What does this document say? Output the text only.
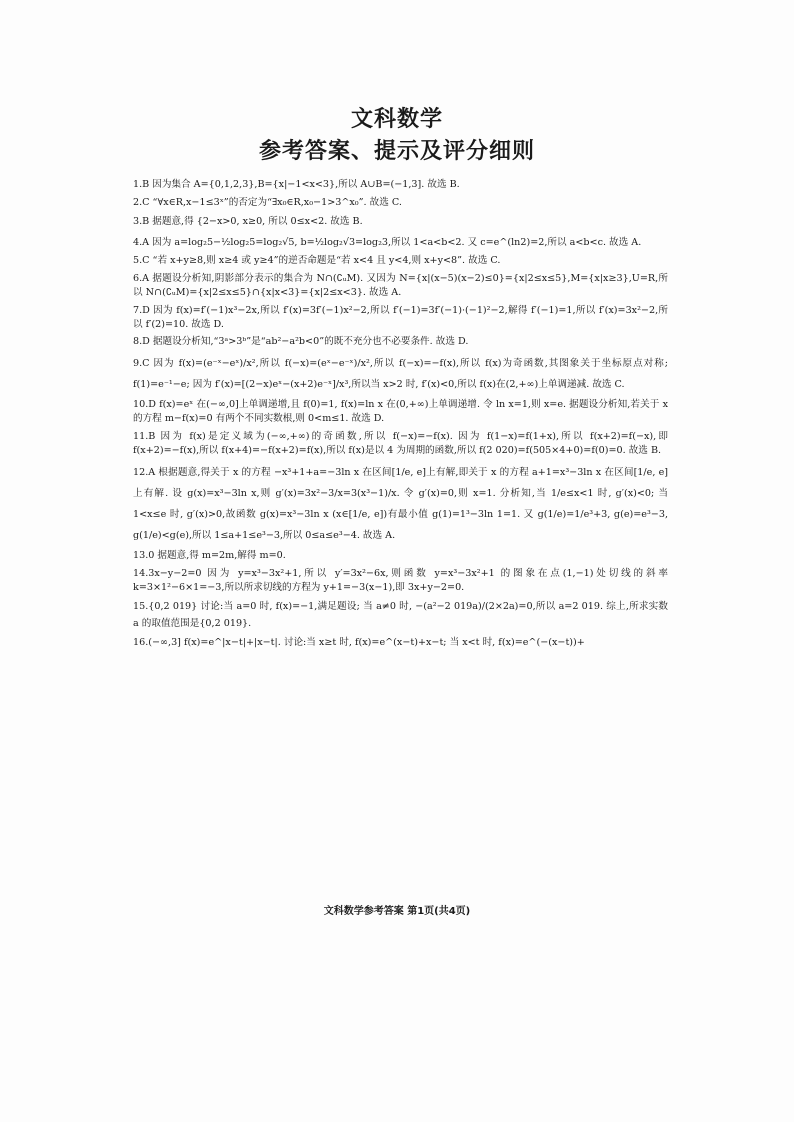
文科数学
参考答案、提示及评分细则
1.B 因为集合 A={0,1,2,3},B={x|−1<x<3},所以 A∪B=(−1,3]. 故选 B.
2.C “∀x∈R,x−1≤3ˣ”的否定为“∃x₀∈R,x₀−1>3^x₀”. 故选 C.
3.B 据题意,得 {2−x>0, x≥0, 所以 0≤x<2. 故选 B.
4.A 因为 a=log₂5−½log₂5=log₂√5, b=½log₂√3=log₂3,所以 1<a<b<2. 又 c=e^(ln2)=2,所以 a<b<c. 故选 A.
5.C “若 x+y≥8,则 x≥4 或 y≥4”的逆否命题是“若 x<4 且 y<4,则 x+y<8”. 故选 C.
6.A 据题设分析知,阴影部分表示的集合为 N∩(∁ᵤM). 又因为 N={x|(x−5)(x−2)≤0}={x|2≤x≤5},M={x|x≥3},U=R,所以 N∩(∁ᵤM)={x|2≤x≤5}∩{x|x<3}={x|2≤x<3}. 故选 A.
7.D 因为 f(x)=f′(−1)x³−2x,所以 f′(x)=3f′(−1)x²−2,所以 f′(−1)=3f′(−1)·(−1)²−2,解得 f′(−1)=1,所以 f′(x)=3x²−2,所以 f′(2)=10. 故选 D.
8.D 据题设分析知,“3ᵃ>3ᵇ”是“ab²−a²b<0”的既不充分也不必要条件. 故选 D.
9.C 因为 f(x)=(e⁻ˣ−eˣ)/x²,所以 f(−x)=(eˣ−e⁻ˣ)/x²,所以 f(−x)=−f(x),所以 f(x)为奇函数,其图象关于坐标原点对称; f(1)=e⁻¹−e; 因为 f′(x)=[(2−x)eˣ−(x+2)e⁻ˣ]/x³,所以当 x>2 时, f′(x)<0,所以 f(x)在(2,+∞)上单调递减. 故选 C.
10.D f(x)=eˣ 在(−∞,0]上单调递增,且 f(0)=1, f(x)=ln x 在(0,+∞)上单调递增. 令 ln x=1,则 x=e. 据题设分析知,若关于 x 的方程 m−f(x)=0 有两个不同实数根,则 0<m≤1. 故选 D.
11.B 因为 f(x)是定义域为(−∞,+∞)的奇函数,所以 f(−x)=−f(x). 因为 f(1−x)=f(1+x),所以 f(x+2)=f(−x),即 f(x+2)=−f(x),所以 f(x+4)=−f(x+2)=f(x),所以 f(x)是以 4 为周期的函数,所以 f(2 020)=f(505×4+0)=f(0)=0. 故选 B.
12.A 根据题意,得关于 x 的方程 −x³+1+a=−3ln x 在区间[1/e, e]上有解,即关于 x 的方程 a+1=x³−3ln x 在区间[1/e, e]上有解. 设 g(x)=x³−3ln x,则 g′(x)=3x²−3/x=3(x³−1)/x. 令 g′(x)=0,则 x=1. 分析知,当 1/e≤x<1 时, g′(x)<0; 当 1<x≤e 时, g′(x)>0,故函数 g(x)=x³−3ln x (x∈[1/e, e])有最小值 g(1)=1³−3ln 1=1. 又 g(1/e)=1/e³+3, g(e)=e³−3, g(1/e)<g(e),所以 1≤a+1≤e³−3,所以 0≤a≤e³−4. 故选 A.
13.0 据题意,得 m=2m,解得 m=0.
14.3x−y−2=0 因为 y=x³−3x²+1,所以 y′=3x²−6x,则函数 y=x³−3x²+1 的图象在点(1,−1)处切线的斜率 k=3×1²−6×1=−3,所以所求切线的方程为 y+1=−3(x−1),即 3x+y−2=0.
15.{0,2 019} 讨论:当 a=0 时, f(x)=−1,满足题设; 当 a≠0 时, −(a²−2 019a)/(2×2a)=0,所以 a=2 019. 综上,所求实数 a 的取值范围是{0,2 019}.
16.(−∞,3] f(x)=e^|x−t|+|x−t|. 讨论:当 x≥t 时, f(x)=e^(x−t)+x−t; 当 x<t 时, f(x)=e^(−(x−t))+
文科数学参考答案 第1页(共4页)
